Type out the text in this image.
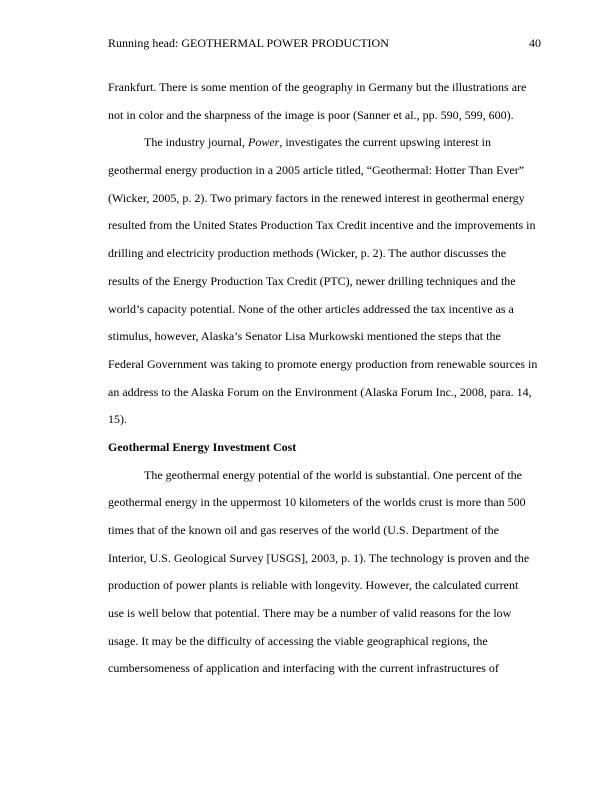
Running head: GEOTHERMAL POWER PRODUCTION	40
Frankfurt. There is some mention of the geography in Germany but the illustrations are
not in color and the sharpness of the image is poor (Sanner et al., pp. 590, 599, 600).
The industry journal, Power, investigates the current upswing interest in
geothermal energy production in a 2005 article titled, “Geothermal: Hotter Than Ever”
(Wicker, 2005, p. 2). Two primary factors in the renewed interest in geothermal energy
resulted from the United States Production Tax Credit incentive and the improvements in
drilling and electricity production methods (Wicker, p. 2). The author discusses the
results of the Energy Production Tax Credit (PTC), newer drilling techniques and the
world’s capacity potential. None of the other articles addressed the tax incentive as a
stimulus, however, Alaska’s Senator Lisa Murkowski mentioned the steps that the
Federal Government was taking to promote energy production from renewable sources in
an address to the Alaska Forum on the Environment (Alaska Forum Inc., 2008, para. 14,
15).
Geothermal Energy Investment Cost
The geothermal energy potential of the world is substantial. One percent of the
geothermal energy in the uppermost 10 kilometers of the worlds crust is more than 500
times that of the known oil and gas reserves of the world (U.S. Department of the
Interior, U.S. Geological Survey [USGS], 2003, p. 1). The technology is proven and the
production of power plants is reliable with longevity. However, the calculated current
use is well below that potential. There may be a number of valid reasons for the low
usage. It may be the difficulty of accessing the viable geographical regions, the
cumbersomeness of application and interfacing with the current infrastructures of
